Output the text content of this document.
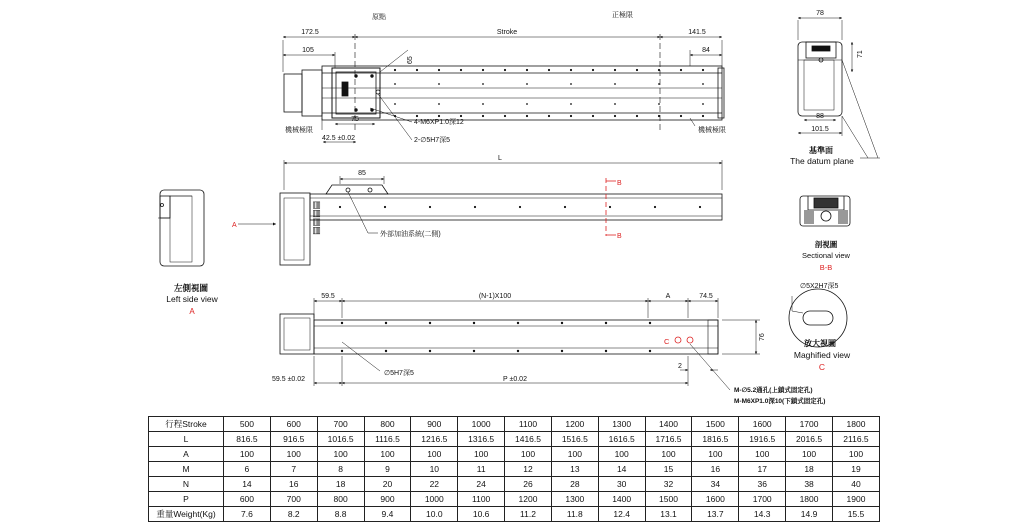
172.5
原點
Stroke
正極限
141.5
105	84
65
75
42.5 ±0.02
機械極限	機械極限
4-M6XP1.0深12
2-∅5H7深5
78
71
88
101.5
基準面
The datum plane
▤▤▤▤
L
85
B
B
外部加油系統(二側)
A
左側視圖
Left side view
A
剖視圖
Sectional view
B-B
59.5	(N-1)X100	A	74.5
76
2
59.5 ±0.02	P ±0.02
∅5H7深5
C
M-∅5.2通孔(上鎖式固定孔)
M-M6XP1.0深10(下鎖式固定孔)
∅5X2H7深5
放大視圖
Maghified view
C
行程Stroke	500	600	700	800	900	1000	1100	1200	1300	1400	1500	1600	1700	1800
L	816.5	916.5	1016.5	1116.5	1216.5	1316.5	1416.5	1516.5	1616.5	1716.5	1816.5	1916.5	2016.5	2116.5
A	100	100	100	100	100	100	100	100	100	100	100	100	100	100
M	6	7	8	9	10	11	12	13	14	15	16	17	18	19
N	14	16	18	20	22	24	26	28	30	32	34	36	38	40
P	600	700	800	900	1000	1100	1200	1300	1400	1500	1600	1700	1800	1900
重量Weight(Kg)	7.6	8.2	8.8	9.4	10.0	10.6	11.2	11.8	12.4	13.1	13.7	14.3	14.9	15.5
